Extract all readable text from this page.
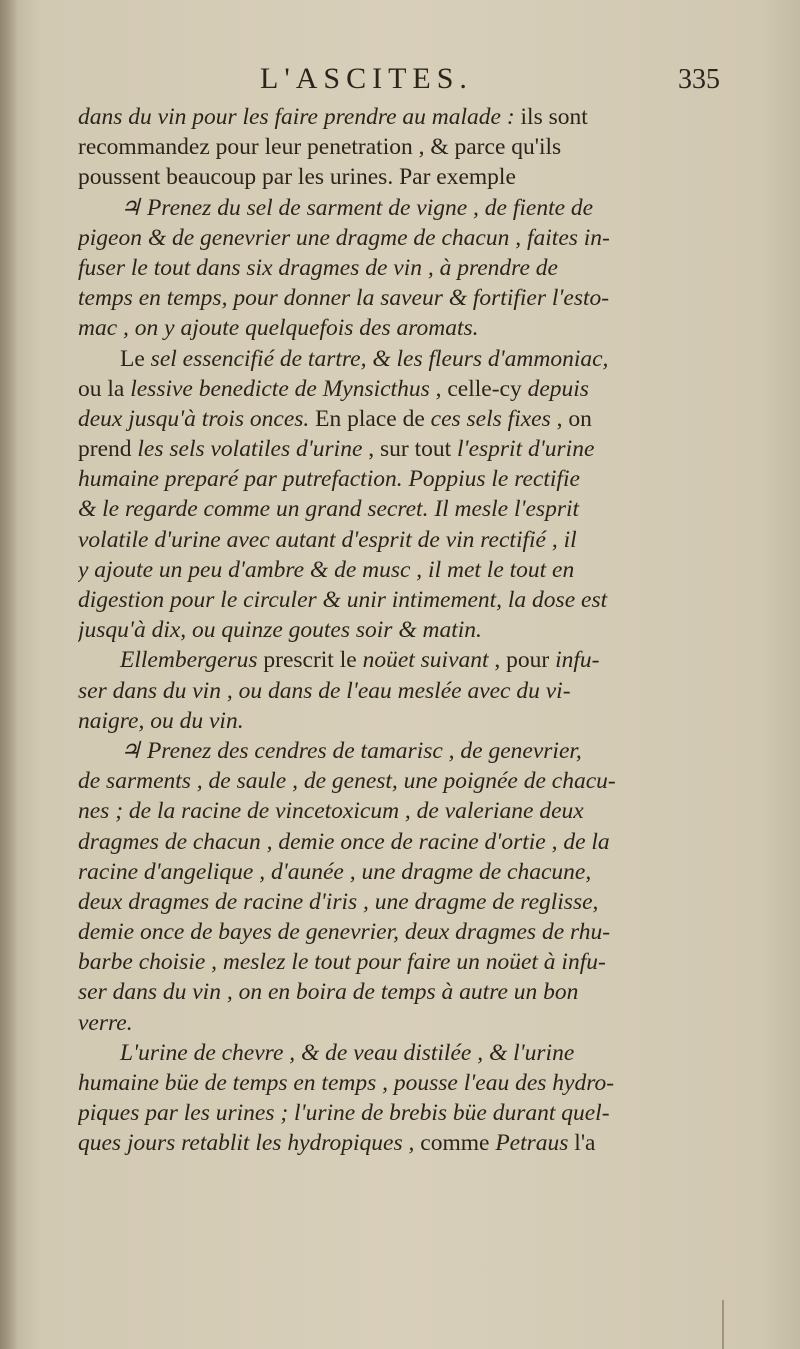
L'ASCITES.	335
dans du vin pour les faire prendre au malade : ils sont
recommandez pour leur penetration , & parce qu'ils
poussent beaucoup par les urines. Par exemple
♃ Prenez du sel de sarment de vigne , de fiente de
pigeon & de genevrier une dragme de chacun , faites in-
fuser le tout dans six dragmes de vin , à prendre de
temps en temps, pour donner la saveur & fortifier l'esto-
mac , on y ajoute quelquefois des aromats.
Le sel essencifié de tartre, & les fleurs d'ammoniac,
ou la lessive benedicte de Mynsicthus , celle-cy depuis
deux jusqu'à trois onces. En place de ces sels fixes , on
prend les sels volatiles d'urine , sur tout l'esprit d'urine
humaine preparé par putrefaction. Poppius le rectifie
& le regarde comme un grand secret. Il mesle l'esprit
volatile d'urine avec autant d'esprit de vin rectifié , il
y ajoute un peu d'ambre & de musc , il met le tout en
digestion pour le circuler & unir intimement, la dose est
jusqu'à dix, ou quinze goutes soir & matin.
Ellembergerus prescrit le noüet suivant , pour infu-
ser dans du vin , ou dans de l'eau meslée avec du vi-
naigre, ou du vin.
♃ Prenez des cendres de tamarisc , de genevrier,
de sarments , de saule , de genest, une poignée de chacu-
nes ; de la racine de vincetoxicum , de valeriane deux
dragmes de chacun , demie once de racine d'ortie , de la
racine d'angelique , d'aunée , une dragme de chacune,
deux dragmes de racine d'iris , une dragme de reglisse,
demie once de bayes de genevrier, deux dragmes de rhu-
barbe choisie , meslez le tout pour faire un noüet à infu-
ser dans du vin , on en boira de temps à autre un bon
verre.
L'urine de chevre , & de veau distilée , & l'urine
humaine büe de temps en temps , pousse l'eau des hydro-
piques par les urines ; l'urine de brebis büe durant quel-
ques jours retablit les hydropiques , comme Petraus l'a
